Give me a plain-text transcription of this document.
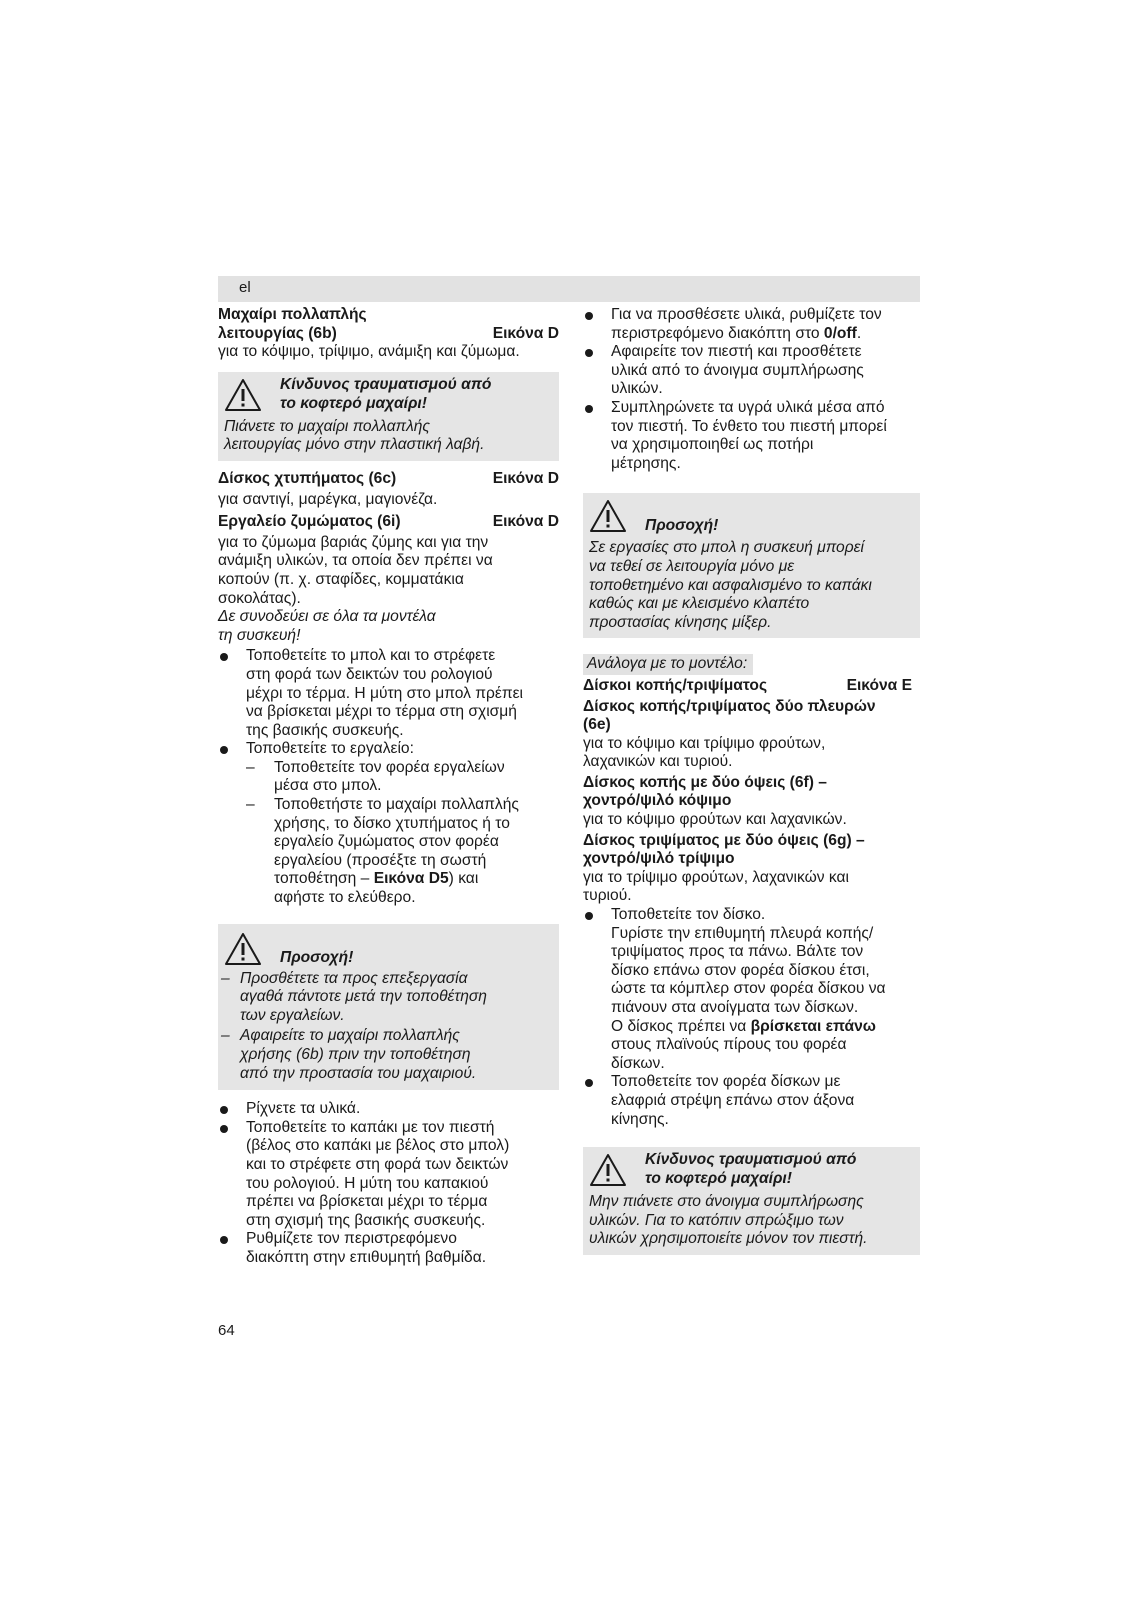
el

Μαχαίρι πολλαπλής

λειτουργίας (6b)	Εικόνα D

για το κόψιμο, τρίψιμο, ανάμιξη και ζύμωμα.

Κίνδυνος τραυματισμού από

το κοφτερό μαχαίρι!

Πιάνετε το μαχαίρι πολλαπλής

λειτουργίας μόνο στην πλαστική λαβή.

Δίσκος χτυπήματος (6c)	Εικόνα D

για σαντιγί, μαρέγκα, μαγιονέζα.

Εργαλείο ζυμώματος (6i)	Εικόνα D

για το ζύμωμα βαριάς ζύμης και για την

ανάμιξη υλικών, τα οποία δεν πρέπει να

κοπούν (π. χ. σταφίδες, κομματάκια

σοκολάτας).

Δε συνοδεύει σε όλα τα μοντέλα

τη συσκευή!

Τοποθετείτε το μπολ και το στρέφετε

στη φορά των δεικτών του ρολογιού

μέχρι το τέρμα. Η μύτη στο μπολ πρέπει

να βρίσκεται μέχρι το τέρμα στη σχισμή

της βασικής συσκευής.

Τοποθετείτε το εργαλείο:

– Τοποθετείτε τον φορέα εργαλείων

μέσα στο μπολ.

– Τοποθετήστε το μαχαίρι πολλαπλής

χρήσης, το δίσκο χτυπήματος ή το

εργαλείο ζυμώματος στον φορέα

εργαλείου (προσέξτε τη σωστή

τοποθέτηση – Εικόνα D5) και

αφήστε το ελεύθερο.

Προσοχή!

– Προσθέτετε τα προς επεξεργασία

αγαθά πάντοτε μετά την τοποθέτηση

των εργαλείων.

– Αφαιρείτε το μαχαίρι πολλαπλής

χρήσης (6b) πριν την τοποθέτηση

από την προστασία του μαχαιριού.

Ρίχνετε τα υλικά.

Τοποθετείτε το καπάκι με τον πιεστή

(βέλος στο καπάκι με βέλος στο μπολ)

και το στρέφετε στη φορά των δεικτών

του ρολογιού. Η μύτη του καπακιού

πρέπει να βρίσκεται μέχρι το τέρμα

στη σχισμή της βασικής συσκευής.

Ρυθμίζετε τον περιστρεφόμενο

διακόπτη στην επιθυμητή βαθμίδα.

Για να προσθέσετε υλικά, ρυθμίζετε τον

περιστρεφόμενο διακόπτη στο 0/off.

Αφαιρείτε τον πιεστή και προσθέτετε

υλικά από το άνοιγμα συμπλήρωσης

υλικών.

Συμπληρώνετε τα υγρά υλικά μέσα από

τον πιεστή. Το ένθετο του πιεστή μπορεί

να χρησιμοποιηθεί ως ποτήρι

μέτρησης.

Προσοχή!

Σε εργασίες στο μπολ η συσκευή μπορεί

να τεθεί σε λειτουργία μόνο με

τοποθετημένο και ασφαλισμένο το καπάκι

καθώς και με κλεισμένο κλαπέτο

προστασίας κίνησης μίξερ.

Ανάλογα με το μοντέλο:

Δίσκοι κοπής/τριψίματος	Εικόνα E

Δίσκος κοπής/τριψίματος δύο πλευρών

(6e)

για το κόψιμο και τρίψιμο φρούτων,

λαχανικών και τυριού.

Δίσκος κοπής με δύο όψεις (6f) –

χοντρό/ψιλό κόψιμο

για το κόψιμο φρούτων και λαχανικών.

Δίσκος τριψίματος με δύο όψεις (6g) –

χοντρό/ψιλό τρίψιμο

για το τρίψιμο φρούτων, λαχανικών και

τυριού.

Τοποθετείτε τον δίσκο.

Γυρίστε την επιθυμητή πλευρά κοπής/

τριψίματος προς τα πάνω. Βάλτε τον

δίσκο επάνω στον φορέα δίσκου έτσι,

ώστε τα κόμπλερ στον φορέα δίσκου να

πιάνουν στα ανοίγματα των δίσκων.

Ο δίσκος πρέπει να βρίσκεται επάνω

στους πλαϊνούς πίρους του φορέα

δίσκων.

Τοποθετείτε τον φορέα δίσκων με

ελαφριά στρέψη επάνω στον άξονα

κίνησης.

Κίνδυνος τραυματισμού από

το κοφτερό μαχαίρι!

Μην πιάνετε στο άνοιγμα συμπλήρωσης

υλικών. Για το κατόπιν σπρώξιμο των

υλικών χρησιμοποιείτε μόνον τον πιεστή.

64
